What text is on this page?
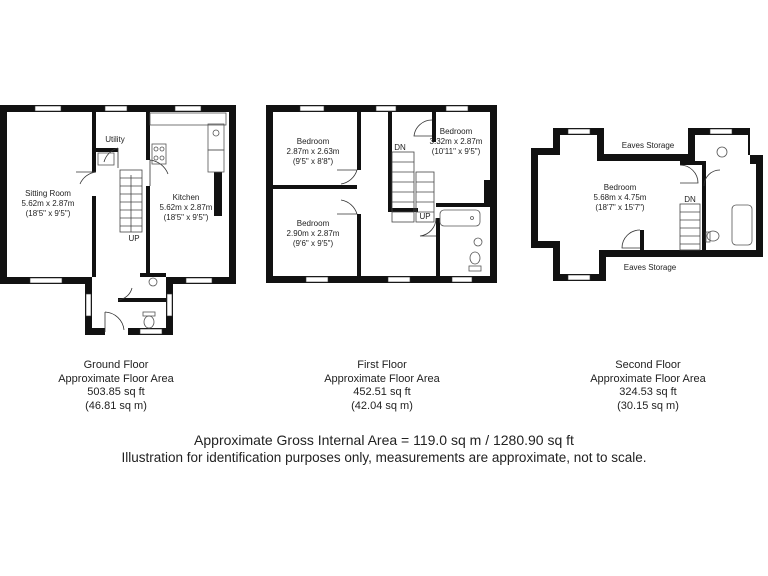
Utility
Sitting Room
5.62m x 2.87m
(18'5" x 9'5")
Kitchen
5.62m x 2.87m
(18'5" x 9'5")
UP
Bedroom
2.87m x 2.63m
(9'5" x 8'8")
Bedroom
3.32m x 2.87m
(10'11" x 9'5")
Bedroom
2.90m x 2.87m
(9'6" x 9'5")
DN
UP
Eaves Storage
Bedroom
5.68m x 4.75m
(18'7" x 15'7")
Eaves Storage
DN
Ground Floor
Approximate Floor Area
503.85 sq ft
(46.81 sq m)
First Floor
Approximate Floor Area
452.51 sq ft
(42.04 sq m)
Second Floor
Approximate Floor Area
324.53 sq ft
(30.15 sq m)
Approximate Gross Internal Area = 119.0 sq m / 1280.90 sq ft
Illustration for identification purposes only, measurements are approximate, not to scale.
